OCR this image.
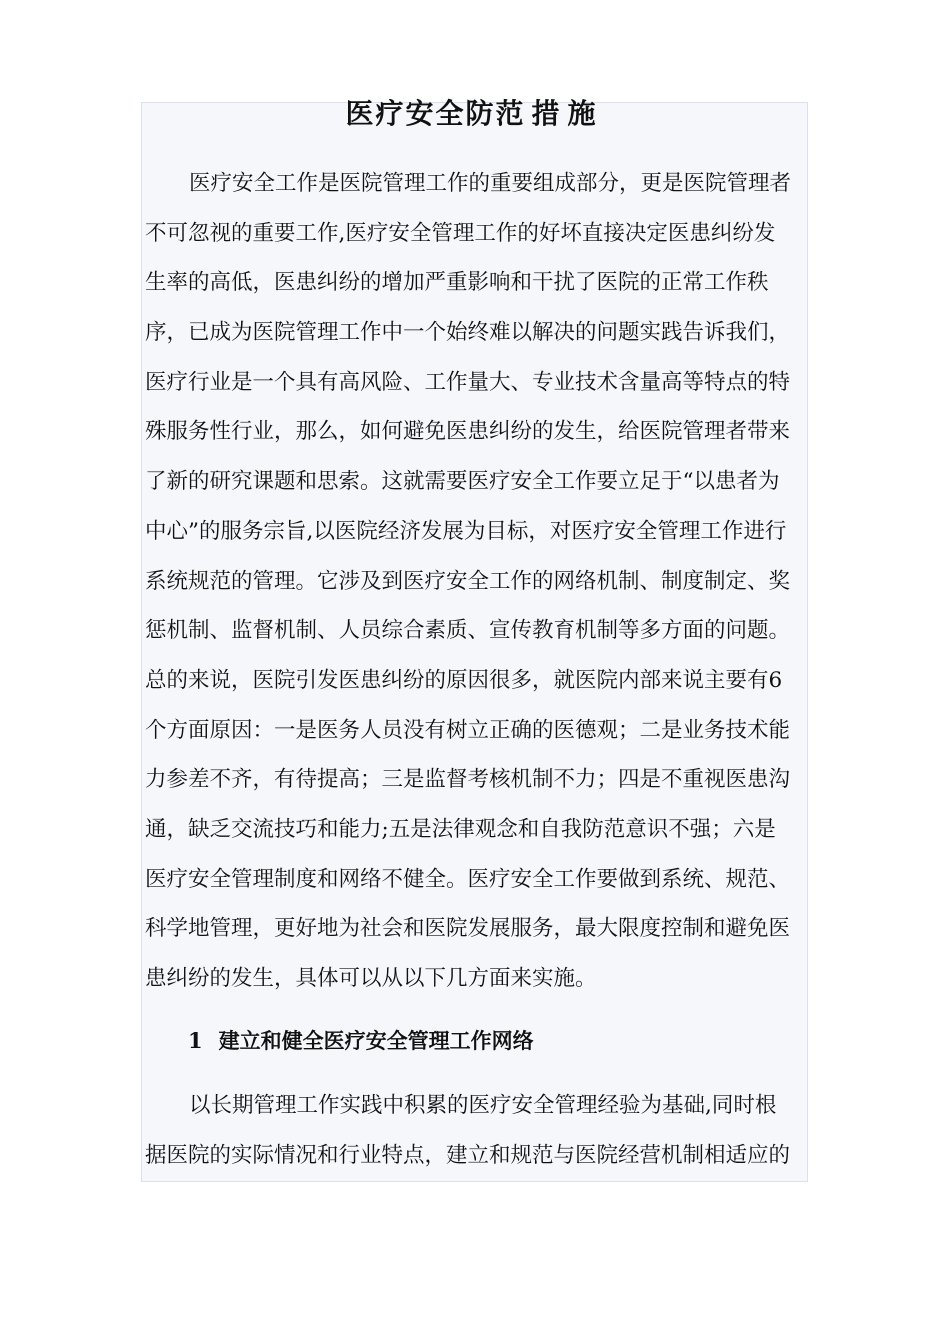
医疗安全防范措施
医疗安全工作是医院管理工作的重要组成部分，更是医院管理者
不可忽视的重要工作,医疗安全管理工作的好坏直接决定医患纠纷发
生率的高低，医患纠纷的增加严重影响和干扰了医院的正常工作秩
序，已成为医院管理工作中一个始终难以解决的问题实践告诉我们，
医疗行业是一个具有高风险、工作量大、专业技术含量高等特点的特
殊服务性行业，那么，如何避免医患纠纷的发生，给医院管理者带来
了新的研究课题和思索。这就需要医疗安全工作要立足于“以患者为
中心”的服务宗旨,以医院经济发展为目标，对医疗安全管理工作进行
系统规范的管理。它涉及到医疗安全工作的网络机制、制度制定、奖
惩机制、监督机制、人员综合素质、宣传教育机制等多方面的问题。
总的来说，医院引发医患纠纷的原因很多，就医院内部来说主要有6
个方面原因：一是医务人员没有树立正确的医德观；二是业务技术能
力参差不齐，有待提高；三是监督考核机制不力；四是不重视医患沟
通，缺乏交流技巧和能力;五是法律观念和自我防范意识不强；六是
医疗安全管理制度和网络不健全。医疗安全工作要做到系统、规范、
科学地管理，更好地为社会和医院发展服务，最大限度控制和避免医
患纠纷的发生，具体可以从以下几方面来实施。
1 建立和健全医疗安全管理工作网络
以长期管理工作实践中积累的医疗安全管理经验为基础,同时根
据医院的实际情况和行业特点，建立和规范与医院经营机制相适应的
